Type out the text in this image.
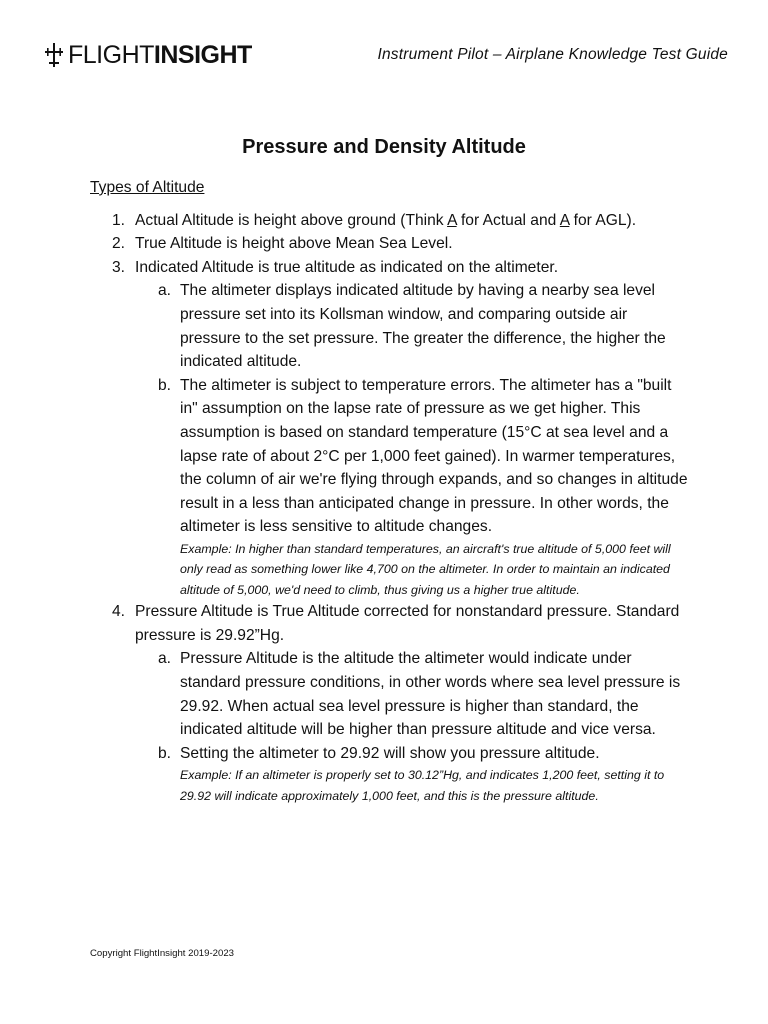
FLIGHTINSIGHT	Instrument Pilot – Airplane Knowledge Test Guide
Pressure and Density Altitude
Types of Altitude
1. Actual Altitude is height above ground (Think A for Actual and A for AGL).
2. True Altitude is height above Mean Sea Level.
3. Indicated Altitude is true altitude as indicated on the altimeter.
a. The altimeter displays indicated altitude by having a nearby sea level pressure set into its Kollsman window, and comparing outside air pressure to the set pressure. The greater the difference, the higher the indicated altitude.
b. The altimeter is subject to temperature errors. The altimeter has a "built in" assumption on the lapse rate of pressure as we get higher. This assumption is based on standard temperature (15°C at sea level and a lapse rate of about 2°C per 1,000 feet gained). In warmer temperatures, the column of air we're flying through expands, and so changes in altitude result in a less than anticipated change in pressure. In other words, the altimeter is less sensitive to altitude changes.
Example: In higher than standard temperatures, an aircraft's true altitude of 5,000 feet will only read as something lower like 4,700 on the altimeter. In order to maintain an indicated altitude of 5,000, we'd need to climb, thus giving us a higher true altitude.
4. Pressure Altitude is True Altitude corrected for nonstandard pressure. Standard pressure is 29.92”Hg.
a. Pressure Altitude is the altitude the altimeter would indicate under standard pressure conditions, in other words where sea level pressure is 29.92. When actual sea level pressure is higher than standard, the indicated altitude will be higher than pressure altitude and vice versa.
b. Setting the altimeter to 29.92 will show you pressure altitude.
Example: If an altimeter is properly set to 30.12”Hg, and indicates 1,200 feet, setting it to 29.92 will indicate approximately 1,000 feet, and this is the pressure altitude.
Copyright FlightInsight 2019-2023
